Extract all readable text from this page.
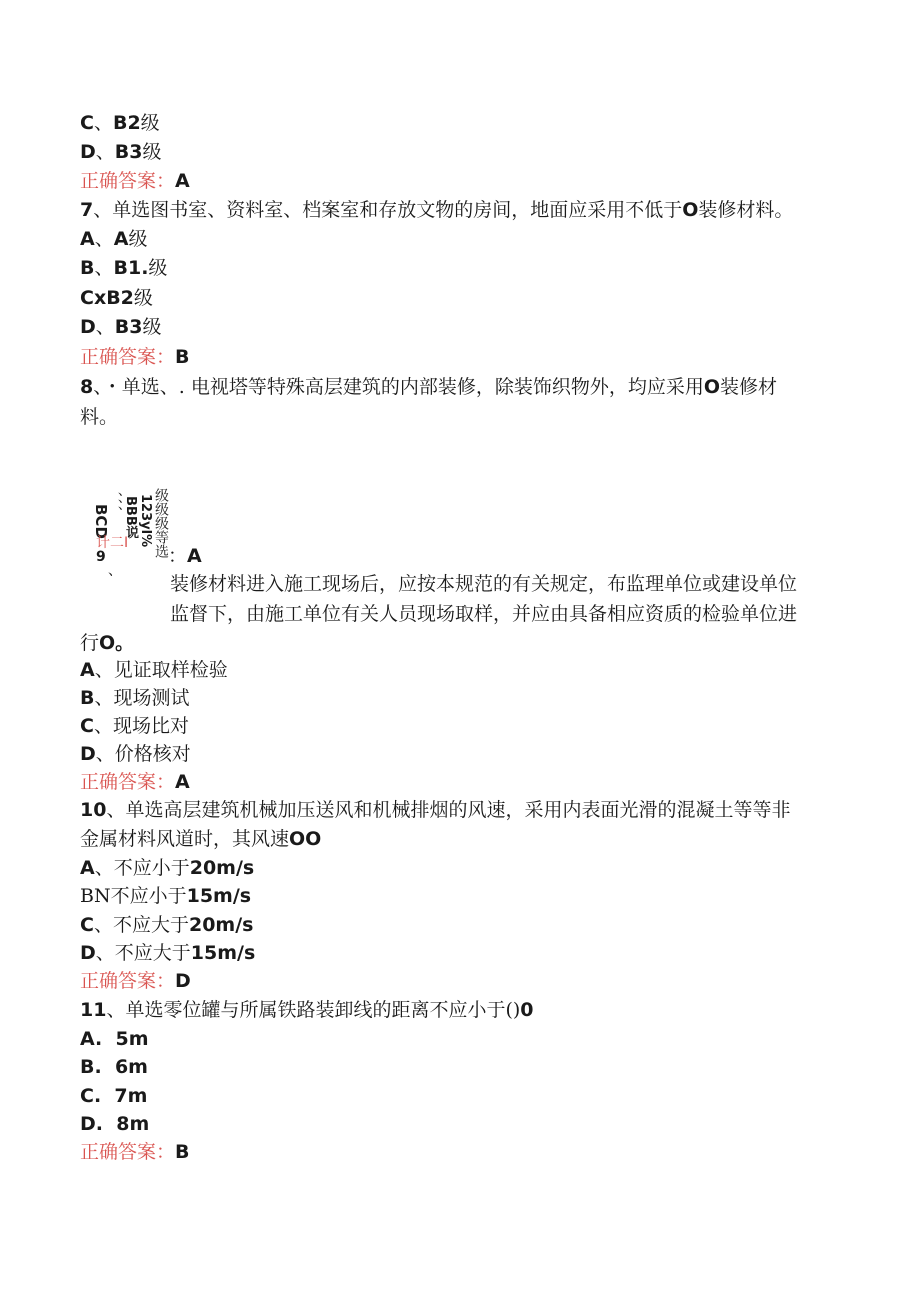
C、B2级
D、B3级
正确答案：A
7、单选图书室、资料室、档案室和存放文物的房间，地面应采用不低于O装修材料。
A、A级
B、B1.级
CxB2级
D、B3级
正确答案：B
8、・单选、. 电视塔等特殊高层建筑的内部装修，除装饰织物外，均应采用O装修材
料。
级级级等选
123yl%
BBB说
、、、
BCD
9
计二I
、
：A
装修材料进入施工现场后，应按本规范的有关规定，布监理单位或建设单位
监督下，由施工单位有关人员现场取样，并应由具备相应资质的检验单位进
行O。
A、见证取样检验
B、现场测试
C、现场比对
D、价格核对
正确答案：A
10、单选高层建筑机械加压送风和机械排烟的风速，采用内表面光滑的混凝土等等非
金属材料风道时，其风速OO
A、不应小于20m/s
BN不应小于15m/s
C、不应大于20m/s
D、不应大于15m/s
正确答案：D
11、单选零位罐与所属铁路装卸线的距离不应小于()0
A. 5m
B. 6m
C. 7m
D. 8m
正确答案：B
